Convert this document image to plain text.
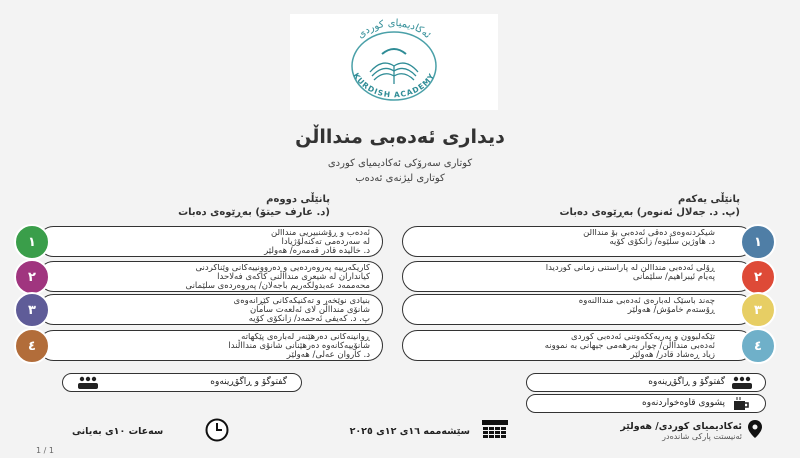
ئەکادیمیای کوردی
KURDISH ACADEMY
دیداری ئەدەبی مندااڵن
کوتاری سەرۆکی ئەکادیمیای کوردی
کوتاری لیژنەی ئەدەب
پانێڵی یەکەم
(پ. د. جەلال ئەنوەر) بەڕێوەی دەبات
شیکردنەوەی دەقی ئەدەبی بۆ مندااڵن
د. هاوژین سڵێوە/ زانکۆی کۆیە	١
ڕۆڵی ئەدەبی مندااڵن لە پاراستنی زمانی کوردیدا
پەیام ئیبراهیم/ سلێمانی	٢
چەند باسێک لەبارەی ئەدەبی مندااڵنەوە
ڕۆستەم خامۆش/ هەولێر	٣
تێکەڵبوون و بەریەککەوتنی ئەدەبی کوردی
ئەدەبی مندااڵن/ چوار بەرهەمی جیهانی بە نموونە
زیاد ڕەشاد قادر/ هەولێر
٤
گفتوگۆ و ڕاگۆڕینەوە
پشووی قاوەخواردنەوە
پانێڵی دووەم
(د. عارف حیتۆ) بەڕێوەی دەبات
ئەدەب و ڕۆشنبیریی مندااڵن
لە سەردەمی تەکنەلۆژیادا
د. خالیدە قادر قەمەرە/ هەولێر
١
کاریگەرییە پەروەردەیی و دەروونییەکانی وێناکردنی
کیانداران لە شیعری مندااڵنی کاکەی فەلاحدا
محەممەد عەبدولکەریم باجەلان/ پەروەردەی سلێمانی
٢
بنیادی نوێخەر و تەکنیکەکانی گێڕانەوەی
شانۆی مندااڵن لای ئەلعەت سامان
پ. د. کەیفی ئەحمەد/ زانکۆی کۆیە
٣
ڕوانینەکانی دەرهێنەر لەبارەی پێکهاتە
شانۆییەکانەوە دەرهێنانی شانۆی مندااڵندا
د. کاروان عەلی/ هەولێر
٤
گفتوگۆ و ڕاگۆڕینەوە
ئەکادیمیای کوردی/ هەولێر
ئەنیستت پارکی شاندەدر
سێشەممە ١٦ی ١٢ی ٢٠٢٥
سەعات ١٠ی بەیانی
1 / 1
